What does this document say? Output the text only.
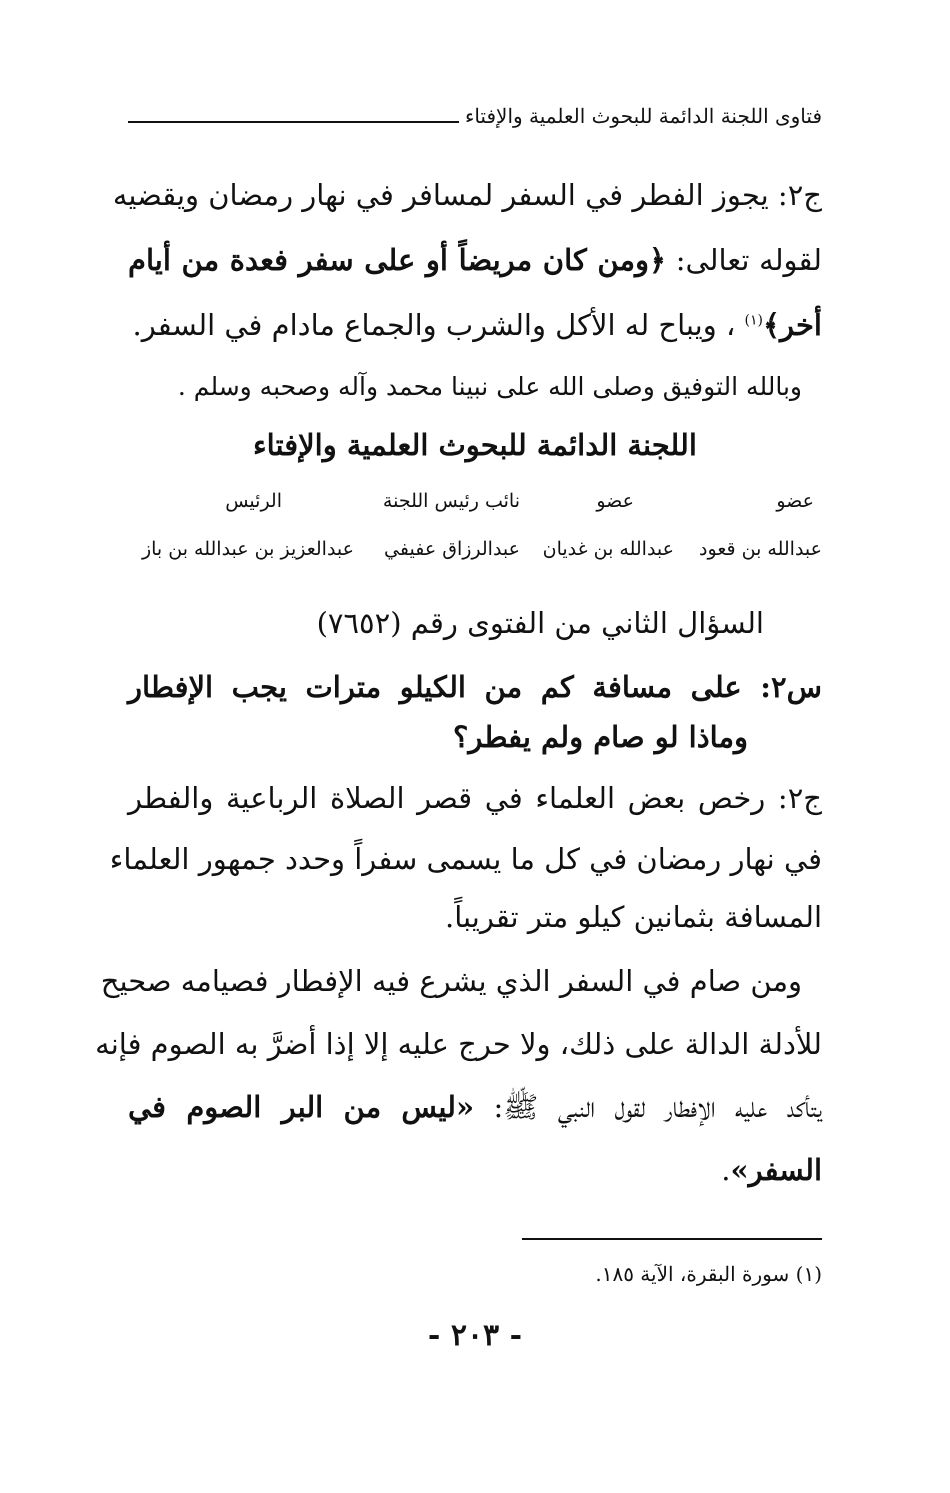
فتاوى اللجنة الدائمة للبحوث العلمية والإفتاء
ج٢: يجوز الفطر في السفر لمسافر في نهار رمضان ويقضيه
لقوله تعالى: ﴿ومن كان مريضاً أو على سفر فعدة من أيام
أخر﴾$^{(١)}$ ، ويباح له الأكل والشرب والجماع مادام في السفر.
وبالله التوفيق وصلى الله على نبينا محمد وآله وصحبه وسلم .
اللجنة الدائمة للبحوث العلمية والإفتاء
عضو
عضو
نائب رئيس اللجنة
الرئيس
عبدالله بن قعود
عبدالله بن غديان
عبدالرزاق عفيفي
عبدالعزيز بن عبدالله بن باز
السؤال الثاني من الفتوى رقم (٧٦٥٢)
س٢: على مسافة كم من الكيلو مترات يجب الإفطار
وماذا لو صام ولم يفطر؟
ج٢: رخص بعض العلماء في قصر الصلاة الرباعية والفطر
في نهار رمضان في كل ما يسمى سفراً وحدد جمهور العلماء
المسافة بثمانين كيلو متر تقريباً.
ومن صام في السفر الذي يشرع فيه الإفطار فصيامه صحيح
للأدلة الدالة على ذلك، ولا حرج عليه إلا إذا أضرَّ به الصوم فإنه
يتأكد عليه الإفطار لقول النبي ﷺ: «ليس من البر الصوم في
السفر».
(١) سورة البقرة، الآية ١٨٥.
- ٢٠٣ -
